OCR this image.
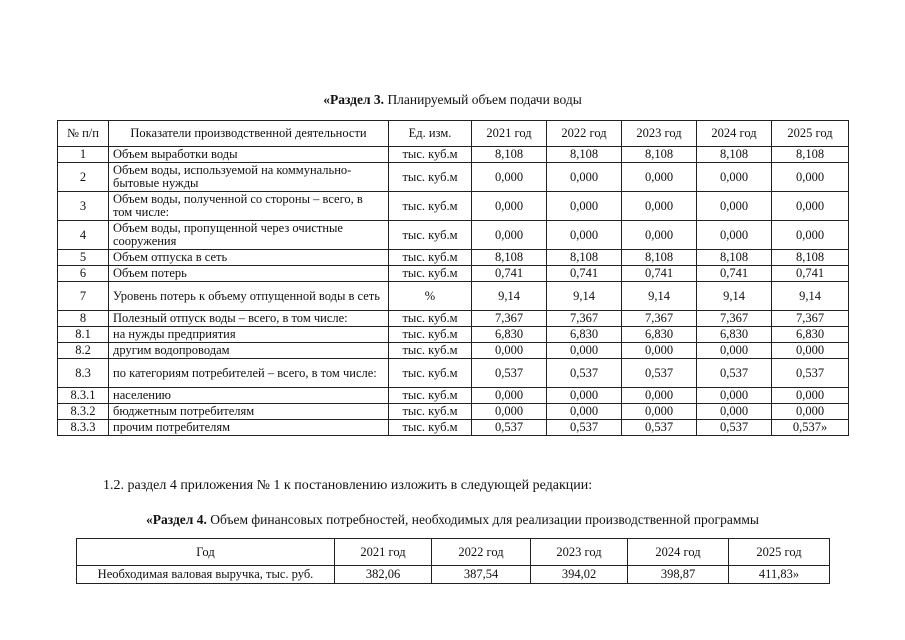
«Раздел 3. Планируемый объем подачи воды
№ п/п	Показатели производственной деятельности	Ед. изм.	2021 год	2022 год	2023 год	2024 год	2025 год
1	Объем выработки воды	тыс. куб.м	8,108	8,108	8,108	8,108	8,108
2	Объем воды, используемой на коммунально-бытовые нужды	тыс. куб.м	0,000	0,000	0,000	0,000	0,000
3	Объем воды, полученной со стороны – всего, в том числе:	тыс. куб.м	0,000	0,000	0,000	0,000	0,000
4	Объем воды, пропущенной через очистные сооружения	тыс. куб.м	0,000	0,000	0,000	0,000	0,000
5	Объем отпуска в сеть	тыс. куб.м	8,108	8,108	8,108	8,108	8,108
6	Объем потерь	тыс. куб.м	0,741	0,741	0,741	0,741	0,741
7	Уровень потерь к объему отпущенной воды в сеть	%	9,14	9,14	9,14	9,14	9,14
8	Полезный отпуск воды – всего, в том числе:	тыс. куб.м	7,367	7,367	7,367	7,367	7,367
8.1	на нужды предприятия	тыс. куб.м	6,830	6,830	6,830	6,830	6,830
8.2	другим водопроводам	тыс. куб.м	0,000	0,000	0,000	0,000	0,000
8.3	по категориям потребителей – всего, в том числе:	тыс. куб.м	0,537	0,537	0,537	0,537	0,537
8.3.1	населению	тыс. куб.м	0,000	0,000	0,000	0,000	0,000
8.3.2	бюджетным потребителям	тыс. куб.м	0,000	0,000	0,000	0,000	0,000
8.3.3	прочим потребителям	тыс. куб.м	0,537	0,537	0,537	0,537	0,537»
1.2. раздел 4 приложения № 1 к постановлению изложить в следующей редакции:
«Раздел 4. Объем финансовых потребностей, необходимых для реализации производственной программы
Год	2021 год	2022 год	2023 год	2024 год	2025 год
Необходимая валовая выручка, тыс. руб.	382,06	387,54	394,02	398,87	411,83»
